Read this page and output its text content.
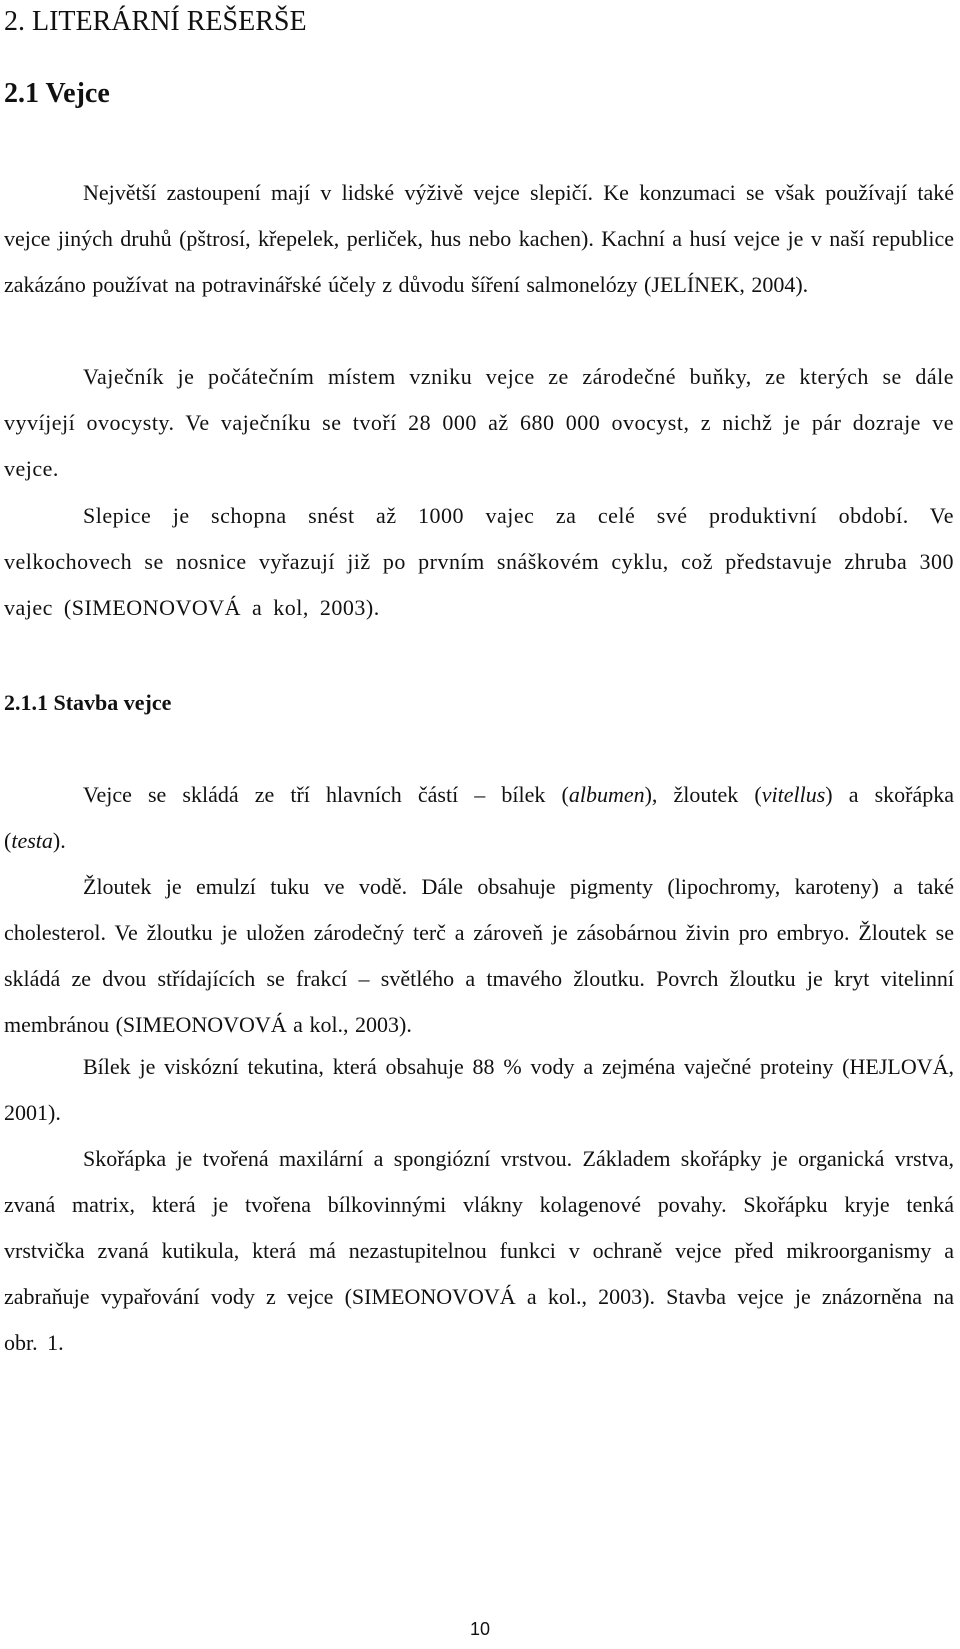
2. LITERÁRNÍ REŠERŠE
2.1 Vejce

Největší zastoupení mají v lidské výživě vejce slepičí. Ke konzumaci se však používají také vejce jiných druhů (pštrosí, křepelek, perliček, hus nebo kachen). Kachní a husí vejce je v naší republice zakázáno používat na potravinářské účely z důvodu šíření salmonelózy (JELÍNEK, 2004).

Vaječník je počátečním místem vzniku vejce ze zárodečné buňky, ze kterých se dále vyvíjejí ovocysty. Ve vaječníku se tvoří 28 000 až 680 000 ovocyst, z nichž je pár dozraje ve vejce.

Slepice je schopna snést až 1000 vajec za celé své produktivní období. Ve velkochovech se nosnice vyřazují již po prvním snáškovém cyklu, což představuje zhruba 300 vajec (SIMEONOVOVÁ a kol, 2003).

2.1.1 Stavba vejce

Vejce se skládá ze tří hlavních částí – bílek (albumen), žloutek (vitellus) a skořápka (testa).

Žloutek je emulzí tuku ve vodě. Dále obsahuje pigmenty (lipochromy, karoteny) a také cholesterol. Ve žloutku je uložen zárodečný terč a zároveň je zásobárnou živin pro embryo. Žloutek se skládá ze dvou střídajících se frakcí – světlého a tmavého žloutku. Povrch žloutku je kryt vitelinní membránou (SIMEONOVOVÁ a kol., 2003).

Bílek je viskózní tekutina, která obsahuje 88 % vody a zejména vaječné proteiny (HEJLOVÁ, 2001).

Skořápka je tvořená maxilární a spongiózní vrstvou. Základem skořápky je organická vrstva, zvaná matrix, která je tvořena bílkovinnými vlákny kolagenové povahy. Skořápku kryje tenká vrstvička zvaná kutikula, která má nezastupitelnou funkci v ochraně vejce před mikroorganismy a zabraňuje vypařování vody z vejce (SIMEONOVOVÁ a kol., 2003). Stavba vejce je znázorněna na obr. 1.

10
